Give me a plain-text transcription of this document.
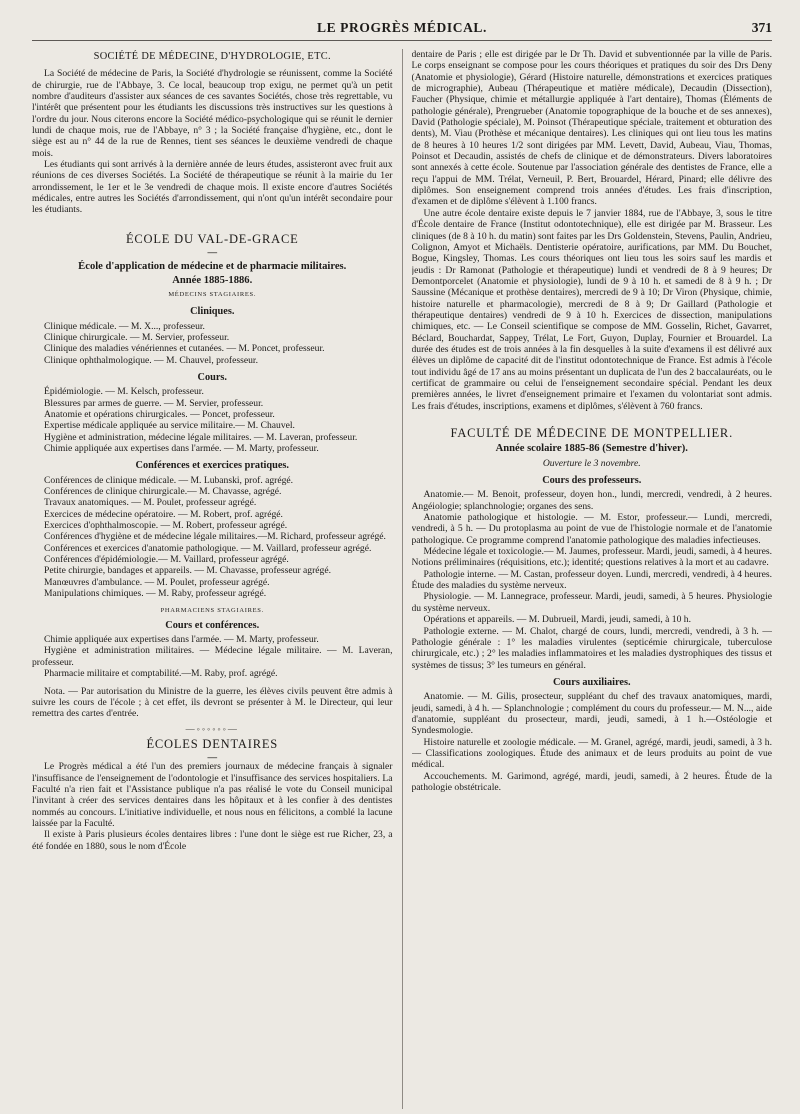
LE PROGRÈS MÉDICAL.	371
SOCIÉTÉ DE MÉDECINE, D'HYDROLOGIE, ETC.

La Société de médecine de Paris, la Société d'hydrologie se réunissent, comme la Société de chirurgie, rue de l'Abbaye, 3. Ce local, beaucoup trop exigu, ne permet qu'à un petit nombre d'auditeurs d'assister aux séances de ces savantes Sociétés, chose très regrettable, vu l'intérêt que présentent pour les étudiants les discussions très instructives sur les questions à l'ordre du jour. Nous citerons encore la Société médico-psychologique qui se réunit le dernier lundi de chaque mois, rue de l'Abbaye, n° 3 ; la Société française d'hygiène, etc., dont le siège est au n° 44 de la rue de Rennes, tient ses séances le deuxième vendredi de chaque mois.

Les étudiants qui sont arrivés à la dernière année de leurs études, assisteront avec fruit aux réunions de ces diverses Sociétés. La Société de thérapeutique se réunit à la mairie du 1er arrondissement, le 1er et le 3e vendredi de chaque mois. Il existe encore d'autres Sociétés médicales, entre autres les Sociétés d'arrondissement, qui n'ont qu'un intérêt secondaire pour les étudiants.

ÉCOLE DU VAL-DE-GRACE
—
École d'application de médecine et de pharmacie militaires.
Année 1885-1886.
MÉDECINS STAGIAIRES.
Cliniques.

Clinique médicale. — M. X..., professeur.

Clinique chirurgicale. — M. Servier, professeur.

Clinique des maladies vénériennes et cutanées. — M. Poncet, professeur.

Clinique ophthalmologique. — M. Chauvel, professeur.

Cours.

Épidémiologie. — M. Kelsch, professeur.

Blessures par armes de guerre. — M. Servier, professeur.

Anatomie et opérations chirurgicales. — Poncet, professeur.

Expertise médicale appliquée au service militaire.— M. Chauvel.

Hygiène et administration, médecine légale militaires. — M. Laveran, professeur.

Chimie appliquée aux expertises dans l'armée. — M. Marty, professeur.

Conférences et exercices pratiques.

Conférences de clinique médicale. — M. Lubanski, prof. agrégé.

Conférences de clinique chirurgicale.— M. Chavasse, agrégé.

Travaux anatomiques. — M. Poulet, professeur agrégé.

Exercices de médecine opératoire. — M. Robert, prof. agrégé.

Exercices d'ophthalmoscopie. — M. Robert, professeur agrégé.

Conférences d'hygiène et de médecine légale militaires.—M. Richard, professeur agrégé.

Conférences et exercices d'anatomie pathologique. — M. Vaillard, professeur agrégé.

Conférences d'épidémiologie.— M. Vaillard, professeur agrégé.

Petite chirurgie, bandages et appareils. — M. Chavasse, professeur agrégé.

Manœuvres d'ambulance. — M. Poulet, professeur agrégé.

Manipulations chimiques. — M. Raby, professeur agrégé.

PHARMACIENS STAGIAIRES.
Cours et conférences.

Chimie appliquée aux expertises dans l'armée. — M. Marty, professeur.

Hygiène et administration militaires. — Médecine légale militaire. — M. Laveran, professeur.

Pharmacie militaire et comptabilité.—M. Raby, prof. agrégé.

Nota. — Par autorisation du Ministre de la guerre, les élèves civils peuvent être admis à suivre les cours de l'école ; à cet effet, ils devront se présenter à M. le Directeur, qui leur remettra des cartes d'entrée.

—◦◦◦◦◦◦—
ÉCOLES DENTAIRES
—

Le Progrès médical a été l'un des premiers journaux de médecine français à signaler l'insuffisance de l'enseignement de l'odontologie et l'insuffisance des services hospitaliers. La Faculté n'a rien fait et l'Assistance publique n'a pas réalisé le vote du Conseil municipal l'invitant à créer des services dentaires dans les hôpitaux et à les confier à des dentistes nommés au concours. L'initiative individuelle, et nous nous en félicitons, a comblé la lacune laissée par la Faculté.

Il existe à Paris plusieurs écoles dentaires libres : l'une dont le siège est rue Richer, 23, a été fondée en 1880, sous le nom d'École

dentaire de Paris ; elle est dirigée par le Dr Th. David et subventionnée par la ville de Paris. Le corps enseignant se compose pour les cours théoriques et pratiques du soir des Drs Deny (Anatomie et physiologie), Gérard (Histoire naturelle, démonstrations et exercices pratiques de micrographie), Aubeau (Thérapeutique et matière médicale), Decaudin (Dissection), Faucher (Physique, chimie et métallurgie appliquée à l'art dentaire), Thomas (Éléments de pathologie générale), Prengrueber (Anatomie topographique de la bouche et de ses annexes), David (Pathologie spéciale), M. Poinsot (Thérapeutique spéciale, traitement et obturation des dents), M. Viau (Prothèse et mécanique dentaires). Les cliniques qui ont lieu tous les matins de 8 heures à 10 heures 1/2 sont dirigées par MM. Levett, David, Aubeau, Viau, Thomas, Poinsot et Decaudin, assistés de chefs de clinique et de démonstrateurs. Divers laboratoires sont annexés à cette école. Soutenue par l'association générale des dentistes de France, elle a reçu l'appui de MM. Trélat, Verneuil, P. Bert, Brouardel, Hérard, Pinard; elle délivre des diplômes. Son enseignement comprend trois années d'études. Les frais d'inscription, d'examen et de diplôme s'élèvent à 1.100 francs.

Une autre école dentaire existe depuis le 7 janvier 1884, rue de l'Abbaye, 3, sous le titre d'École dentaire de France (Institut odontotechnique), elle est dirigée par M. Brasseur. Les cliniques (de 8 à 10 h. du matin) sont faites par les Drs Goldenstein, Stevens, Paulin, Andrieu, Colignon, Amyot et Michaëls. Dentisterie opératoire, aurifications, par MM. Du Bouchet, Bogue, Kingsley, Thomas. Les cours théoriques ont lieu tous les soirs sauf les mardis et jeudis : Dr Ramonat (Pathologie et thérapeutique) lundi et vendredi de 8 à 9 heures; Dr Demontporcelet (Anatomie et physiologie), lundi de 9 à 10 h. et samedi de 8 à 9 h. ; Dr Saussine (Mécanique et prothèse dentaires), mercredi de 9 à 10; Dr Viron (Physique, chimie, histoire naturelle et pharmacologie), mercredi de 8 à 9; Dr Gaillard (Pathologie et thérapeutique dentaires) vendredi de 9 à 10 h. Exercices de dissection, manipulations chimiques, etc. — Le Conseil scientifique se compose de MM. Gosselin, Richet, Gavarret, Béclard, Bouchardat, Sappey, Trélat, Le Fort, Guyon, Duplay, Fournier et Brouardel. La durée des études est de trois années à la fin desquelles à la suite d'examens il est délivré aux élèves un diplôme de capacité dit de l'institut odontotechnique de France. Est admis à l'école tout individu âgé de 17 ans au moins présentant un duplicata de l'un des 2 baccalauréats, ou le certificat de grammaire ou celui de l'enseignement secondaire spécial. Pendant les deux premières années, le livret d'enseignement primaire et l'examen du volontariat sont admis. Les frais d'études, inscriptions, examens et diplômes, s'élèvent à 760 francs.

FACULTÉ DE MÉDECINE DE MONTPELLIER.
Année scolaire 1885-86 (Semestre d'hiver).
Ouverture le 3 novembre.
Cours des professeurs.

Anatomie.— M. Benoit, professeur, doyen hon., lundi, mercredi, vendredi, à 2 heures. Angéiologie; splanchnologie; organes des sens.

Anatomie pathologique et histologie. — M. Estor, professeur.— Lundi, mercredi, vendredi, à 5 h. — Du protoplasma au point de vue de l'histologie normale et de l'anatomie pathologique. Ce programme comprend l'anatomie pathologique des maladies infectieuses.

Médecine légale et toxicologie.— M. Jaumes, professeur. Mardi, jeudi, samedi, à 4 heures. Notions préliminaires (réquisitions, etc.); identité; questions relatives à la mort et au cadavre.

Pathologie interne. — M. Castan, professeur doyen. Lundi, mercredi, vendredi, à 4 heures. Étude des maladies du système nerveux.

Physiologie. — M. Lannegrace, professeur. Mardi, jeudi, samedi, à 5 heures. Physiologie du système nerveux.

Opérations et appareils. — M. Dubrueil, Mardi, jeudi, samedi, à 10 h.

Pathologie externe. — M. Chalot, chargé de cours, lundi, mercredi, vendredi, à 3 h. — Pathologie générale : 1° les maladies virulentes (septicémie chirurgicale, tuberculose chirurgicale, etc.) ; 2° les maladies inflammatoires et les maladies dystrophiques des tissus et systèmes de tissus; 3° les tumeurs en général.

Cours auxiliaires.

Anatomie. — M. Gilis, prosecteur, suppléant du chef des travaux anatomiques, mardi, jeudi, samedi, à 4 h. — Splanchnologie ; complément du cours du professeur.— M. N..., aide d'anatomie, suppléant du prosecteur, mardi, jeudi, samedi, à 1 h.—Ostéologie et Syndesmologie.

Histoire naturelle et zoologie médicale. — M. Granel, agrégé, mardi, jeudi, samedi, à 3 h. — Classifications zoologiques. Étude des animaux et de leurs produits au point de vue médical.

Accouchements. M. Garimond, agrégé, mardi, jeudi, samedi, à 2 heures. Étude de la pathologie obstétricale.
